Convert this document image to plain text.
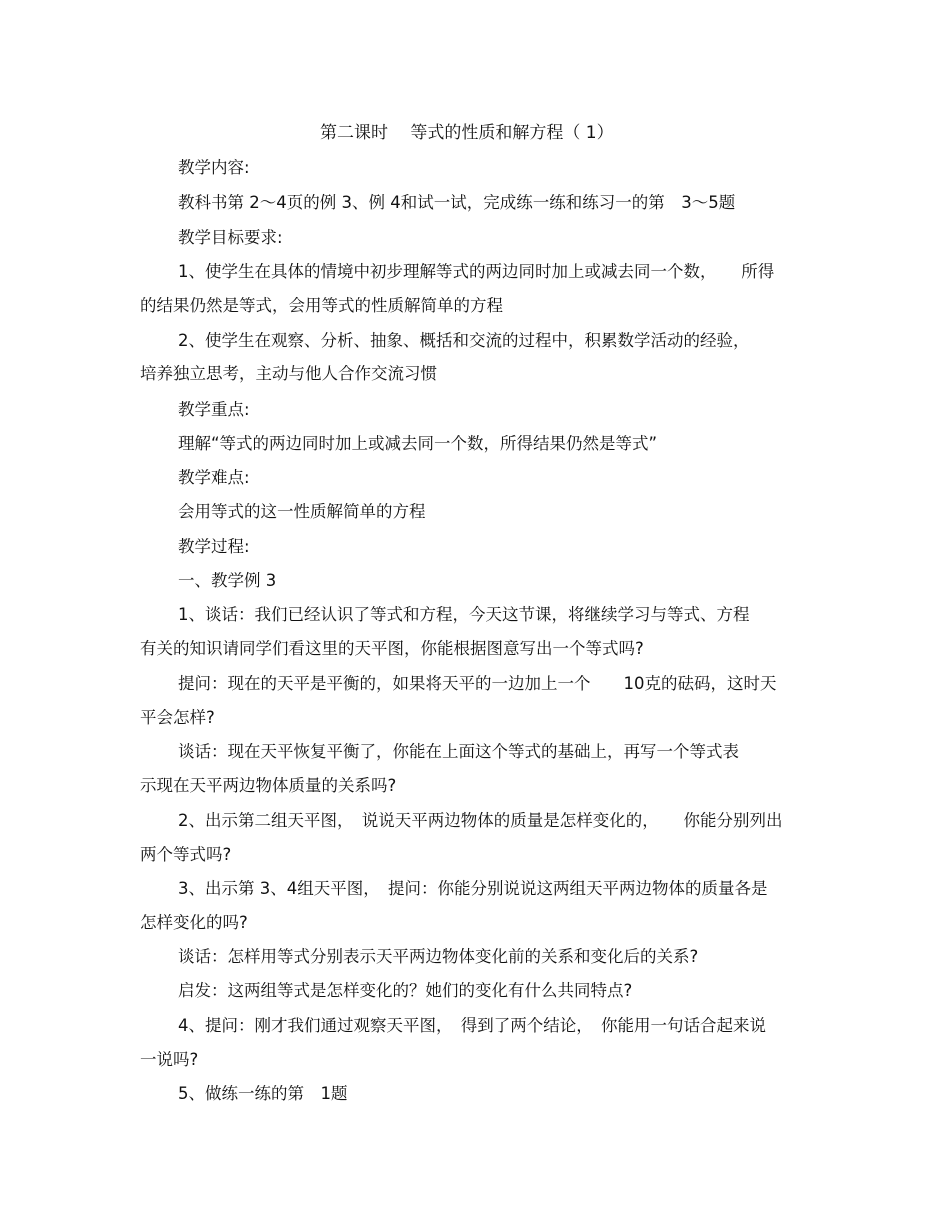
第二课时　 等式的性质和解方程（ 1）
教学内容:
教科书第 2～4页的例 3、例 4和试一试，完成练一练和练习一的第　3～5题
教学目标要求:
1、使学生在具体的情境中初步理解等式的两边同时加上或减去同一个数，　　所得
的结果仍然是等式，会用等式的性质解简单的方程
2、使学生在观察、分析、抽象、概括和交流的过程中，积累数学活动的经验，
培养独立思考，主动与他人合作交流习惯
教学重点:
理解“等式的两边同时加上或减去同一个数，所得结果仍然是等式”
教学难点:
会用等式的这一性质解简单的方程
教学过程:
一、教学例 3
1、谈话：我们已经认识了等式和方程，今天这节课，将继续学习与等式、方程
有关的知识请同学们看这里的天平图，你能根据图意写出一个等式吗?
提问：现在的天平是平衡的，如果将天平的一边加上一个　　10克的砝码，这时天
平会怎样?
谈话：现在天平恢复平衡了，你能在上面这个等式的基础上，再写一个等式表
示现在天平两边物体质量的关系吗?
2、出示第二组天平图，　说说天平两边物体的质量是怎样变化的，　　你能分别列出
两个等式吗?
3、出示第 3、4组天平图，　提问：你能分别说说这两组天平两边物体的质量各是
怎样变化的吗?
谈话：怎样用等式分别表示天平两边物体变化前的关系和变化后的关系?
启发：这两组等式是怎样变化的？她们的变化有什么共同特点?
4、提问：刚才我们通过观察天平图，　得到了两个结论，　你能用一句话合起来说
一说吗?
5、做练一练的第　1题
